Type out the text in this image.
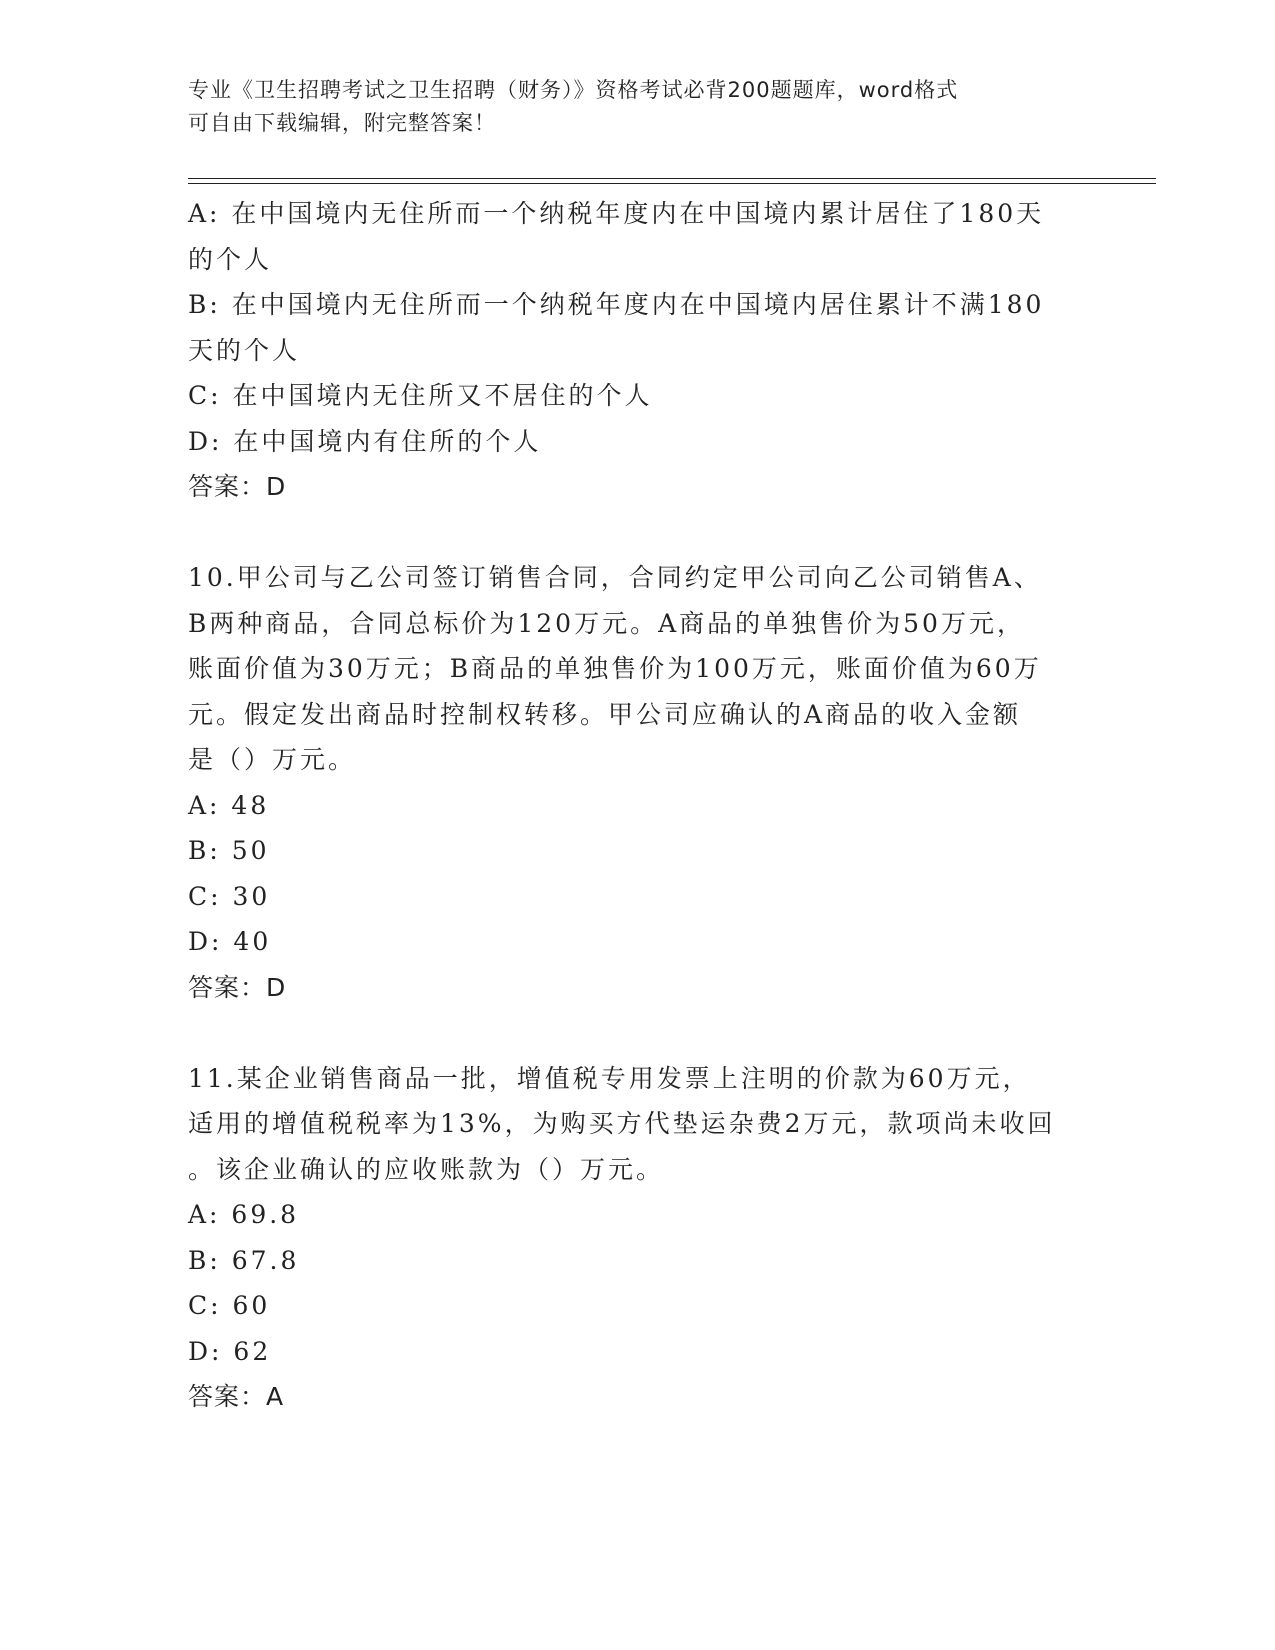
专业《卫生招聘考试之卫生招聘（财务）》资格考试必背200题题库，word格式
可自由下载编辑，附完整答案！
A: 在中国境内无住所而一个纳税年度内在中国境内累计居住了180天
的个人
B: 在中国境内无住所而一个纳税年度内在中国境内居住累计不满180
天的个人
C: 在中国境内无住所又不居住的个人
D: 在中国境内有住所的个人
答案：D
10.甲公司与乙公司签订销售合同，合同约定甲公司向乙公司销售A、
B两种商品，合同总标价为120万元。A商品的单独售价为50万元，
账面价值为30万元；B商品的单独售价为100万元，账面价值为60万
元。假定发出商品时控制权转移。甲公司应确认的A商品的收入金额
是（）万元。
A: 48
B: 50
C: 30
D: 40
答案：D
11.某企业销售商品一批，增值税专用发票上注明的价款为60万元，
适用的增值税税率为13%，为购买方代垫运杂费2万元，款项尚未收回
。该企业确认的应收账款为（）万元。
A: 69.8
B: 67.8
C: 60
D: 62
答案：A
